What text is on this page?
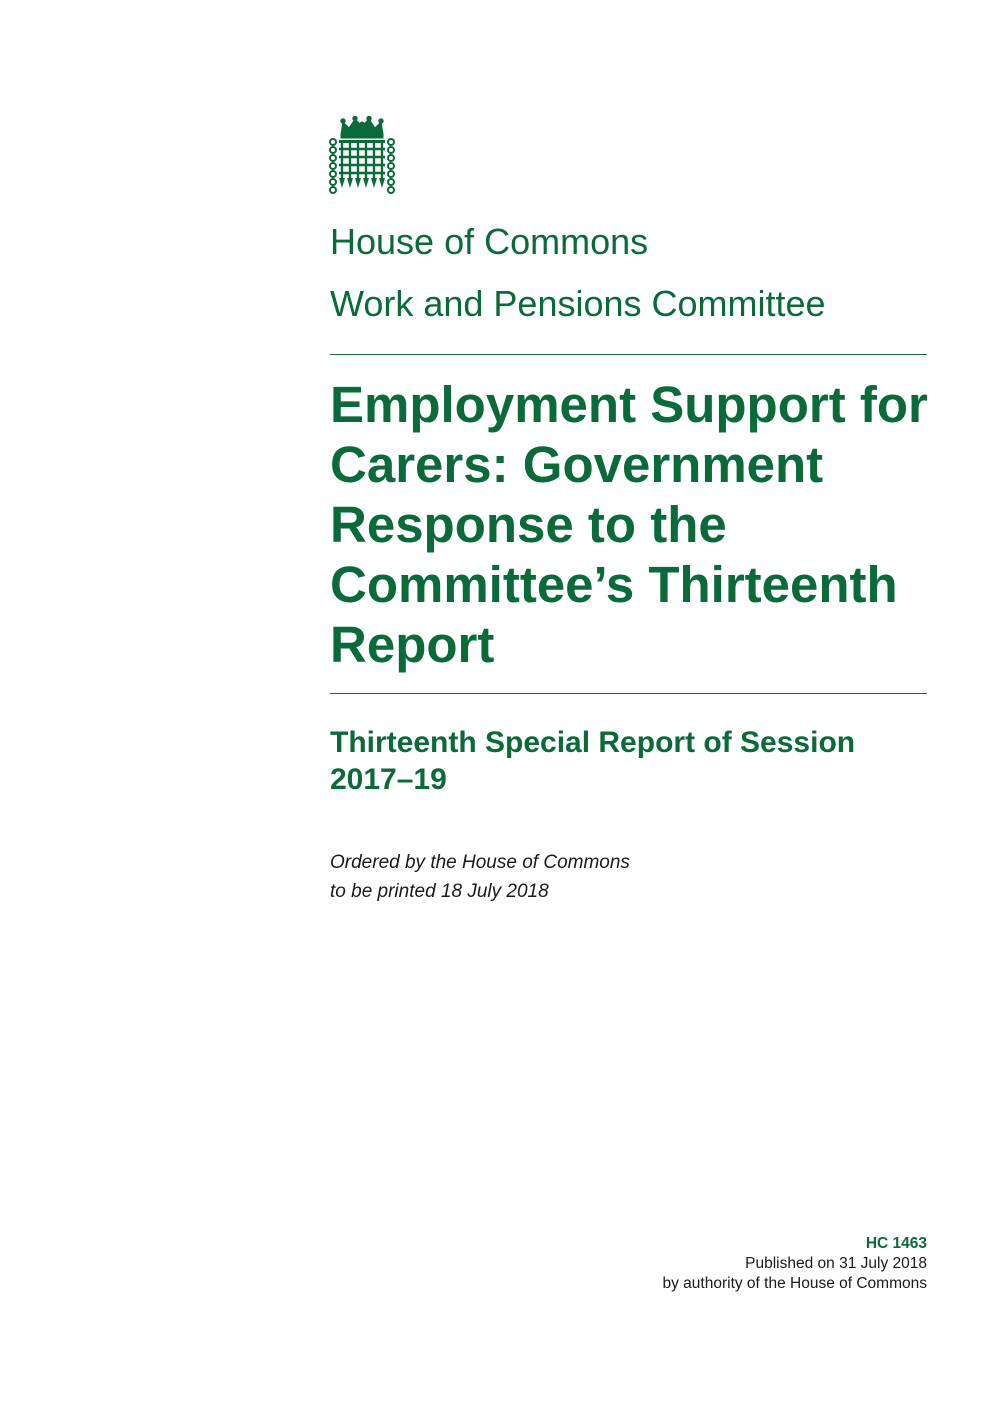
House of Commons
Work and Pensions Committee
Employment Support for Carers: Government Response to the Committee’s Thirteenth Report
Thirteenth Special Report of Session 2017–19
Ordered by the House of Commons
to be printed 18 July 2018
HC 1463
Published on 31 July 2018
by authority of the House of Commons
